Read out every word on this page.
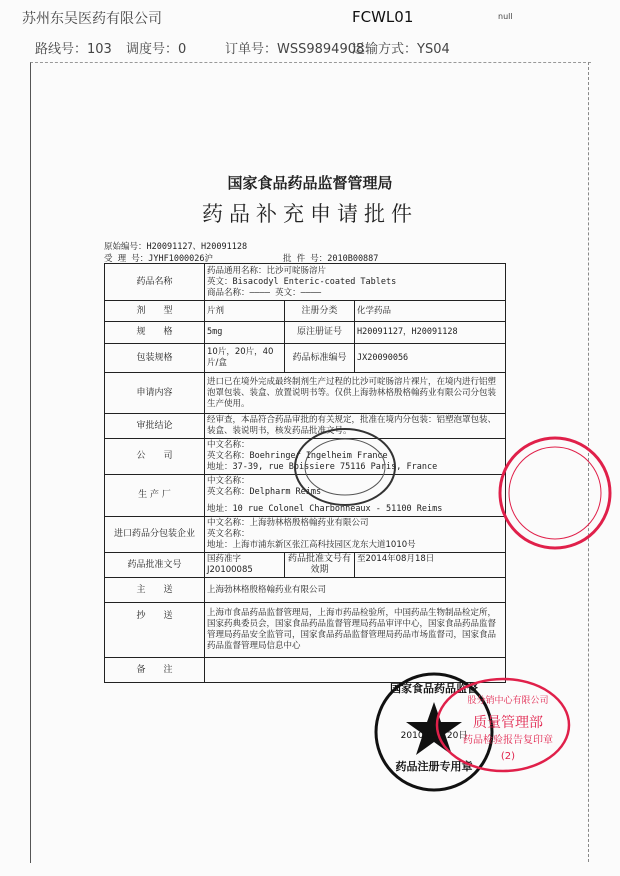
苏州东吴医药有限公司	FCWL01	null
路线号：103 调度号：0	订单号：WSS9894908
运输方式：YS04
国家食品药品监督管理局
药品补充申请批件
原始编号：H20091127、H20091128
受 理 号：JYHF1000026沪	批 件 号：2010B00887
药品名称	药品通用名称：比沙可啶肠溶片
英文：Bisacodyl Enteric-coated Tablets
商品名称：———— 英文：————		

剂　　型	片剂	注册分类	化学药品
规　　格	5mg	原注册证号	H20091127，H20091128
包装规格	10片，20片，40片/盒	药品标准编号	JX20090056
申请内容	进口已在境外完成最终制剂生产过程的比沙可啶肠溶片裸片，在境内进行铝塑泡罩包装、装盒、放置说明书等。仅供上海勃林格殷格翰药业有限公司分包装生产使用。		
审批结论	经审查，本品符合药品审批的有关规定，批准在境内分包装：铝塑泡罩包装、装盒、装说明书，核发药品批准文号。		
公　　司	中文名称：
英文名称：Boehringer Ingelheim France
地址：37-39, rue Boissiere 75116 Paris, France		

生 产 厂	中文名称：
英文名称：Delpharm Reims
地址：10 rue Colonel Charbonneaux - 51100 Reims		

进口药品分包装企业	中文名称：上海勃林格殷格翰药业有限公司
英文名称：
地址：上海市浦东新区张江高科技园区龙东大道1010号		

药品批准文号	国药准字J20100085	药品批准文号有效期	至2014年08月18日
主　　送	上海勃林格殷格翰药业有限公司		
抄　　送	上海市食品药品监督管理局，上海市药品检验所，中国药品生物制品检定所，国家药典委员会，国家食品药品监督管理局药品审评中心，国家食品药品监督管理局药品安全监管司，国家食品药品监督管理局药品市场监督司，国家食品药品监督管理局信息中心		
备　　注			
药品注册专用章
国家食品药品监督
2010 05月20日
股分销中心有限公司
质量管理部
药品检验报告复印章
(2)
